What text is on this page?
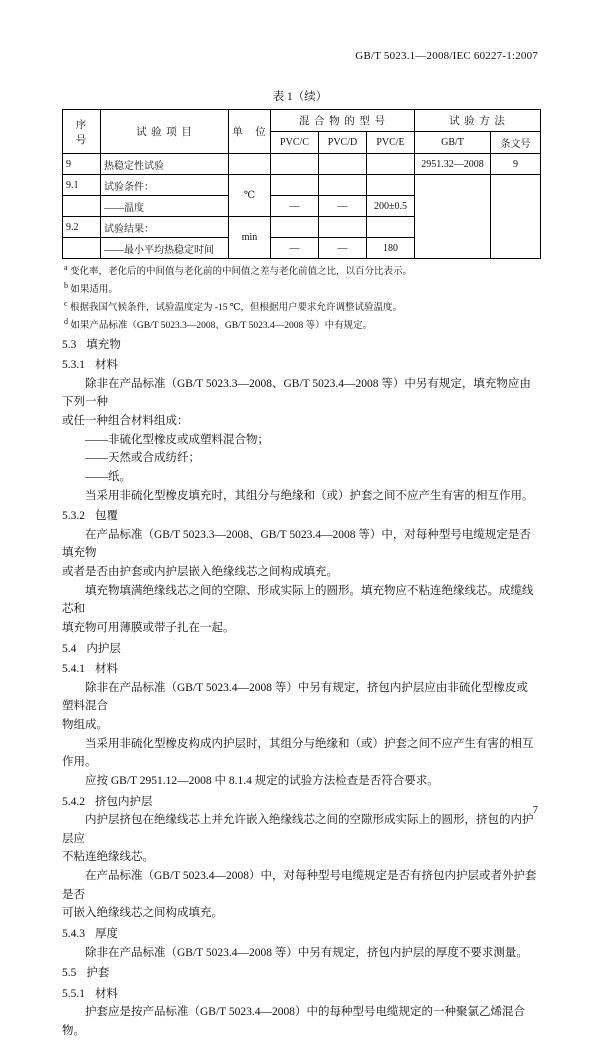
GB/T 5023.1—2008/IEC 60227-1:2007
表 1（续）
序　号	试 验 项 目	单　位	混 合 物 的 型 号			试 验 方 法	
			PVC/C	PVC/D	PVC/E	GB/T	条文号
9	热稳定性试验					2951.32—2008	9
9.1	试验条件：	℃					
	——温度		—	—	200±0.5		
9.2	试验结果：	min					
	——最小平均热稳定时间		—	—	180		
$^a$ 变化率，老化后的中间值与老化前的中间值之差与老化前值之比，以百分比表示。
$^b$ 如果适用。
$^c$ 根据我国气候条件，试验温度定为 -15 ℃，但根据用户要求允许调整试验温度。
$^d$ 如果产品标准（GB/T 5023.3—2008、GB/T 5023.4—2008 等）中有规定。
5.3 填充物
5.3.1 材料
除非在产品标准（GB/T 5023.3—2008、GB/T 5023.4—2008 等）中另有规定，填充物应由下列一种
或任一种组合材料组成：
——非硫化型橡皮或成塑料混合物；
——天然或合成纺纤；
——纸。
当采用非硫化型橡皮填充时，其组分与绝缘和（或）护套之间不应产生有害的相互作用。
5.3.2 包覆
在产品标准（GB/T 5023.3—2008、GB/T 5023.4—2008 等）中，对每种型号电缆规定是否填充物
或者是否由护套或内护层嵌入绝缘线芯之间构成填充。
填充物填满绝缘线芯之间的空隙、形成实际上的圆形。填充物应不粘连绝缘线芯。成缆线芯和
填充物可用薄膜或带子扎在一起。
5.4 内护层
5.4.1 材料
除非在产品标准（GB/T 5023.4—2008 等）中另有规定，挤包内护层应由非硫化型橡皮或塑料混合
物组成。
当采用非硫化型橡皮构成内护层时，其组分与绝缘和（或）护套之间不应产生有害的相互作用。
应按 GB/T 2951.12—2008 中 8.1.4 规定的试验方法检查是否符合要求。
5.4.2 挤包内护层
内护层挤包在绝缘线芯上并允许嵌入绝缘线芯之间的空隙形成实际上的圆形，挤包的内护层应
不粘连绝缘线芯。
在产品标准（GB/T 5023.4—2008）中，对每种型号电缆规定是否有挤包内护层或者外护套是否
可嵌入绝缘线芯之间构成填充。
5.4.3 厚度
除非在产品标准（GB/T 5023.4—2008 等）中另有规定，挤包内护层的厚度不要求测量。
5.5 护套
5.5.1 材料
护套应是按产品标准（GB/T 5023.4—2008）中的每种型号电缆规定的一种聚氯乙烯混合物。
7
